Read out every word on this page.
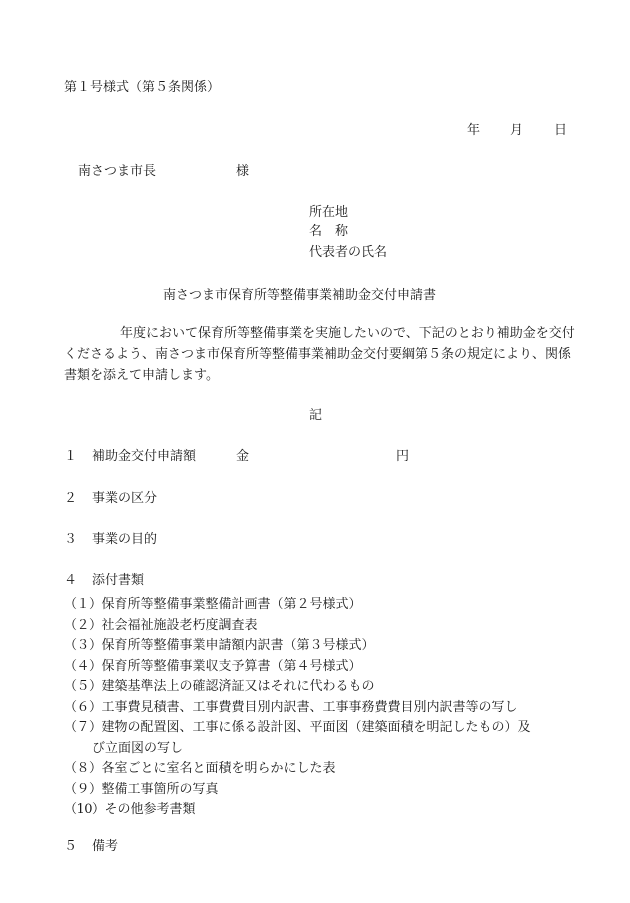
第１号様式（第５条関係）
年 月 日
南さつま市長	様
所在地
名　称
代表者の氏名
南さつま市保育所等整備事業補助金交付申請書
年度において保育所等整備事業を実施したいので、下記のとおり補助金を交付くださるよう、南さつま市保育所等整備事業補助金交付要綱第５条の規定により、関係書類を添えて申請します。
記
１ 補助金交付申請額	金	円
２ 事業の区分
３ 事業の目的
４ 添付書類
（１） 保育所等整備事業整備計画書（第２号様式）
（２） 社会福祉施設老朽度調査表
（３） 保育所等整備事業申請額内訳書（第３号様式）
（４） 保育所等整備事業収支予算書（第４号様式）
（５） 建築基準法上の確認済証又はそれに代わるもの
（６） 工事費見積書、工事費費目別内訳書、工事事務費費目別内訳書等の写し
（７） 建物の配置図、工事に係る設計図、平面図（建築面積を明記したもの）及
び立面図の写し
（８） 各室ごとに室名と面積を明らかにした表
（９） 整備工事箇所の写真
（10） その他参考書類
５ 備考
